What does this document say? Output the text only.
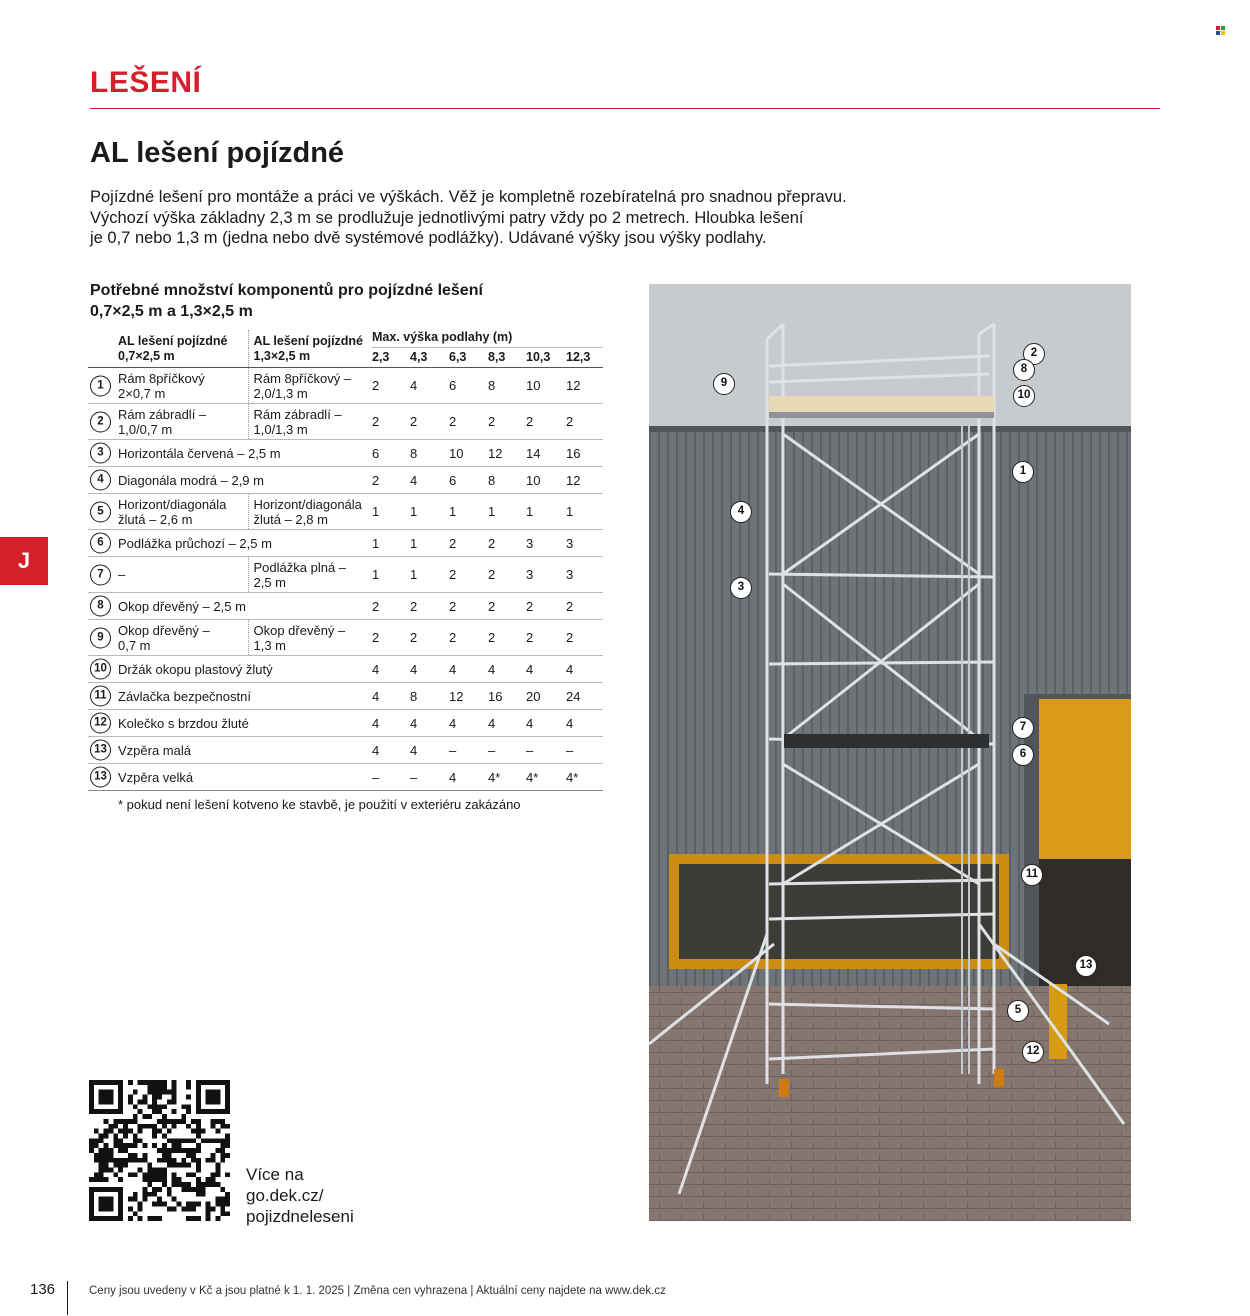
LEŠENÍ
AL lešení pojízdné
Pojízdné lešení pro montáže a práci ve výškách. Věž je kompletně rozebíratelná pro snadnou přepravu.
Výchozí výška základny 2,3 m se prodlužuje jednotlivými patry vždy po 2 metrech. Hloubka lešení
je 0,7 nebo 1,3 m (jedna nebo dvě systémové podlážky). Udávané výšky jsou výšky podlahy.
Potřebné množství komponentů pro pojízdné lešení
0,7×2,5 m a 1,3×2,5 m
AL lešení pojízdné
0,7×2,5 m	AL lešení pojízdné
1,3×2,5 m	Max. výška podlahy (m)					
		2,3	4,3	6,3	8,3	10,3	12,3

1 Rám 8příčkový
2×0,7 m	Rám 8příčkový –
2,0/1,3 m	2	4	6	8	10	12

2 Rám zábradlí –
1,0/0,7 m	Rám zábradlí –
1,0/1,3 m	2	2	2	2	2	2

3 Horizontála červená – 2,5 m		6	8	10	12	14	16

4 Diagonála modrá – 2,9 m		2	4	6	8	10	12

5 Horizont/diagonála
žlutá – 2,6 m	Horizont/diagonála
žlutá – 2,8 m	1	1	1	1	1	1

6 Podlážka průchozí – 2,5 m		1	1	2	2	3	3

7 –	Podlážka plná –
2,5 m	1	1	2	2	3	3

8 Okop dřevěný – 2,5 m		2	2	2	2	2	2

9 Okop dřevěný –
0,7 m	Okop dřevěný –
1,3 m	2	2	2	2	2	2

10 Držák okopu plastový žlutý		4	4	4	4	4	4

11 Závlačka bezpečnostní		4	8	12	16	20	24

12 Kolečko s brzdou žluté		4	4	4	4	4	4

13 Vzpěra malá		4	4	–	–	–	–

13 Vzpěra velká		–	–	4	4*	4*	4*
* pokud není lešení kotveno ke stavbě, je použití v exteriéru zakázáno
J
Více na
go.dek.cz/
pojizdneleseni
2
8
9
10
1
4
3
7
6
11
13
5
12
136	Ceny jsou uvedeny v Kč a jsou platné k 1. 1. 2025 | Změna cen vyhrazena | Aktuální ceny najdete na www.dek.cz
